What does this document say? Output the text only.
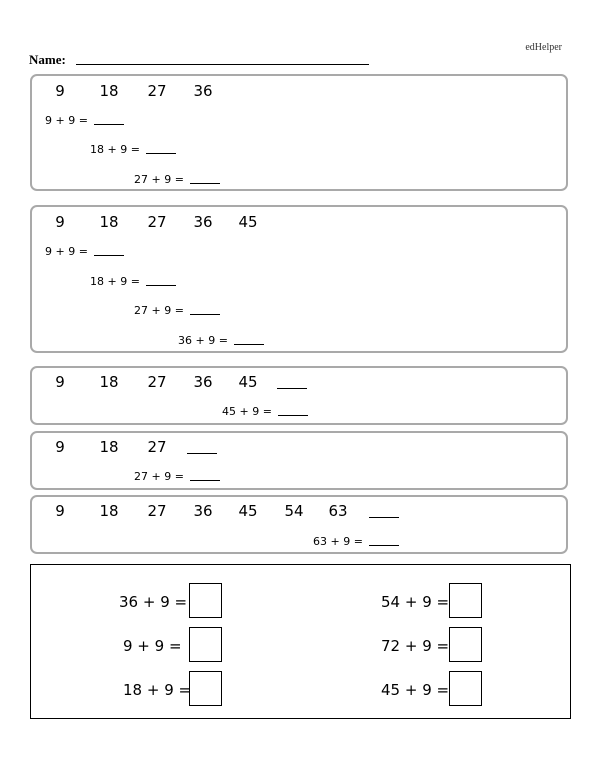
edHelper
Name:
9 18 27 36
9 + 9 =
18 + 9 =
27 + 9 =
9 18 27 36 45
9 + 9 =
18 + 9 =
27 + 9 =
36 + 9 =
9 18 27 36 45
45 + 9 =
9 18 27
27 + 9 =
9 18 27 36 45 54 63
63 + 9 =
36 + 9 =
9 + 9 =
18 + 9 =
54 + 9 =
72 + 9 =
45 + 9 =
